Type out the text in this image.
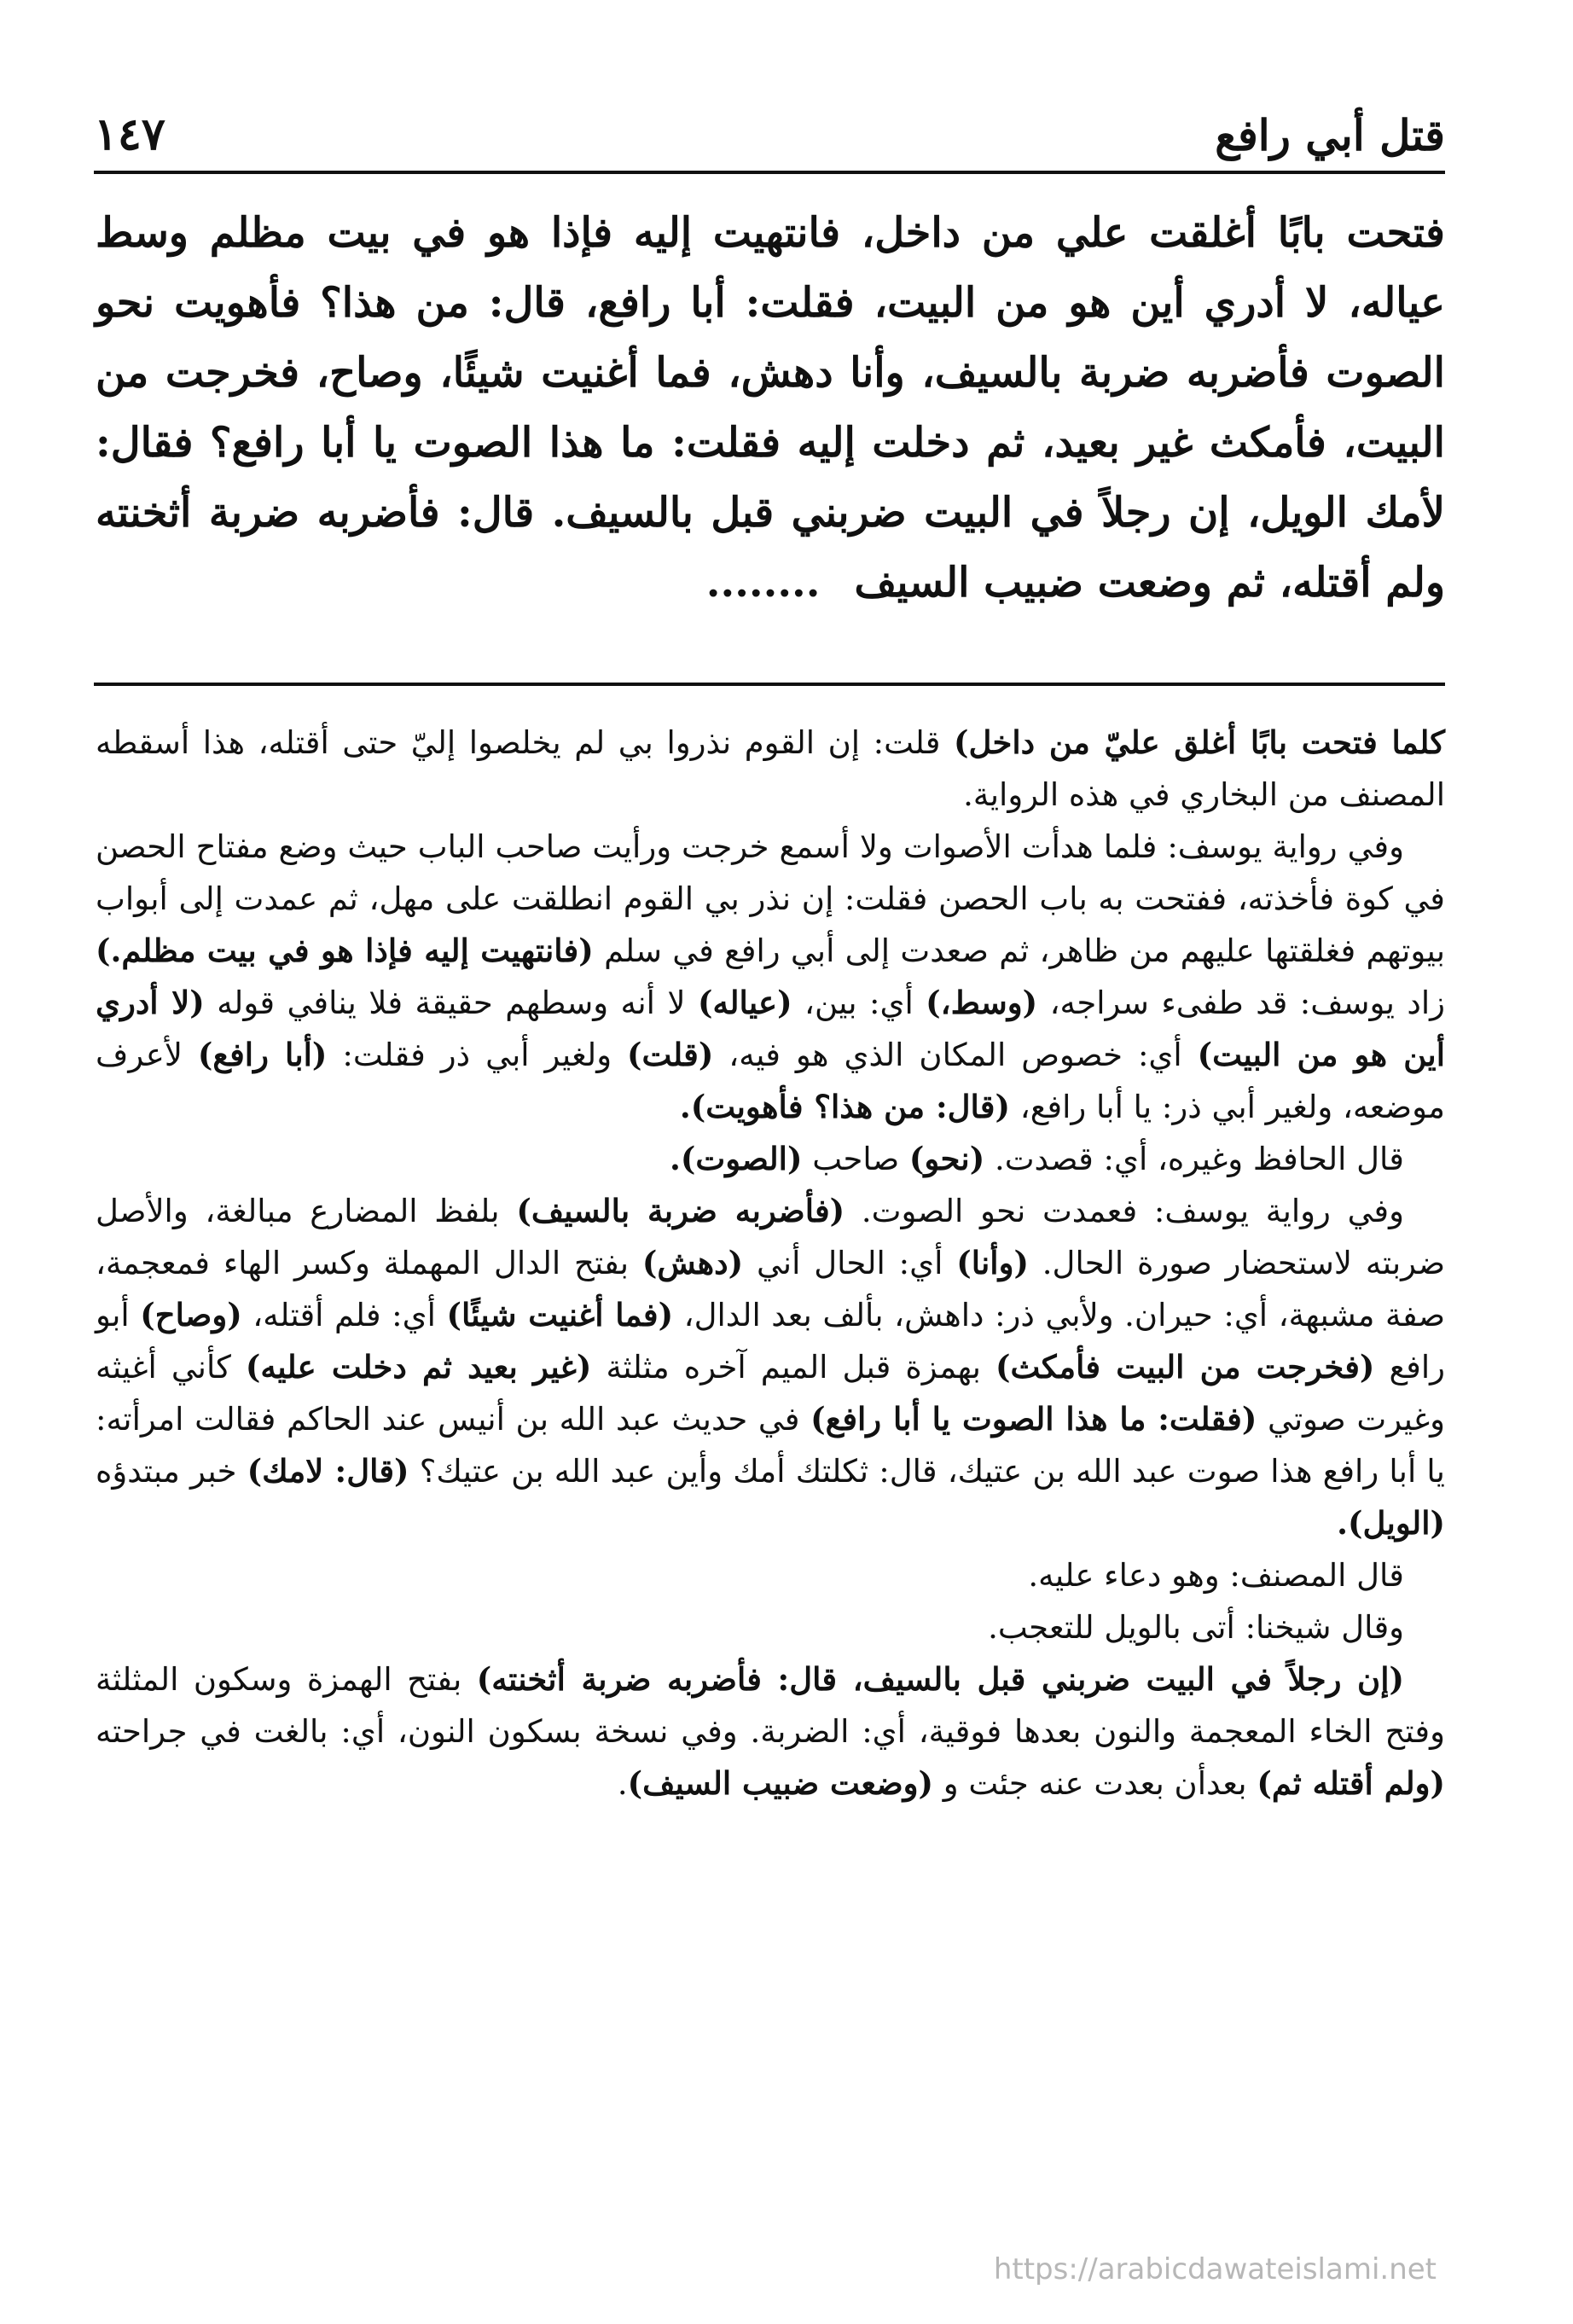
قتل أبي رافع
١٤٧

فتحت بابًا أغلقت علي من داخل، فانتهيت إليه فإذا هو في بيت مظلم وسط عياله، لا أدري أين هو من البيت، فقلت: أبا رافع، قال: من هذا؟ فأهويت نحو الصوت فأضربه ضربة بالسيف، وأنا دهش، فما أغنيت شيئًا، وصاح، فخرجت من البيت، فأمكث غير بعيد، ثم دخلت إليه فقلت: ما هذا الصوت يا أبا رافع؟ فقال: لأمك الويل، إن رجلاً في البيت ضربني قبل بالسيف. قال: فأضربه ضربة أثخنته ولم أقتله، ثم وضعت ضبيب السيف........

كلما فتحت بابًا أغلق عليّ من داخل) قلت: إن القوم نذروا بي لم يخلصوا إليّ حتى أقتله، هذا أسقطه المصنف من البخاري في هذه الرواية.

وفي رواية يوسف: فلما هدأت الأصوات ولا أسمع خرجت ورأيت صاحب الباب حيث وضع مفتاح الحصن في كوة فأخذته، ففتحت به باب الحصن فقلت: إن نذر بي القوم انطلقت على مهل، ثم عمدت إلى أبواب بيوتهم فغلقتها عليهم من ظاهر، ثم صعدت إلى أبي رافع في سلم (فانتهيت إليه فإذا هو في بيت مظلم.) زاد يوسف: قد طفىء سراجه، (وسط،) أي: بين، (عياله) لا أنه وسطهم حقيقة فلا ينافي قوله (لا أدري أين هو من البيت) أي: خصوص المكان الذي هو فيه، (قلت) ولغير أبي ذر فقلت: (أبا رافع) لأعرف موضعه، ولغير أبي ذر: يا أبا رافع، (قال: من هذا؟ فأهويت).

قال الحافظ وغيره، أي: قصدت. (نحو) صاحب (الصوت).

وفي رواية يوسف: فعمدت نحو الصوت. (فأضربه ضربة بالسيف) بلفظ المضارع مبالغة، والأصل ضربته لاستحضار صورة الحال. (وأنا) أي: الحال أني (دهش) بفتح الدال المهملة وكسر الهاء فمعجمة، صفة مشبهة، أي: حيران. ولأبي ذر: داهش، بألف بعد الدال، (فما أغنيت شيئًا) أي: فلم أقتله، (وصاح) أبو رافع (فخرجت من البيت فأمكث) بهمزة قبل الميم آخره مثلثة (غير بعيد ثم دخلت عليه) كأني أغيثه وغيرت صوتي (فقلت: ما هذا الصوت يا أبا رافع) في حديث عبد الله بن أنيس عند الحاكم فقالت امرأته: يا أبا رافع هذا صوت عبد الله بن عتيك، قال: ثكلتك أمك وأين عبد الله بن عتيك؟ (قال: لامك) خبر مبتدؤه (الويل).

قال المصنف: وهو دعاء عليه.

وقال شيخنا: أتى بالويل للتعجب.

(إن رجلاً في البيت ضربني قبل بالسيف، قال: فأضربه ضربة أثخنته) بفتح الهمزة وسكون المثلثة وفتح الخاء المعجمة والنون بعدها فوقية، أي: الضربة. وفي نسخة بسكون النون، أي: بالغت في جراحته (ولم أقتله ثم) بعدأن بعدت عنه جئت و (وضعت ضبيب السيف).

https://arabicdawateislami.net
